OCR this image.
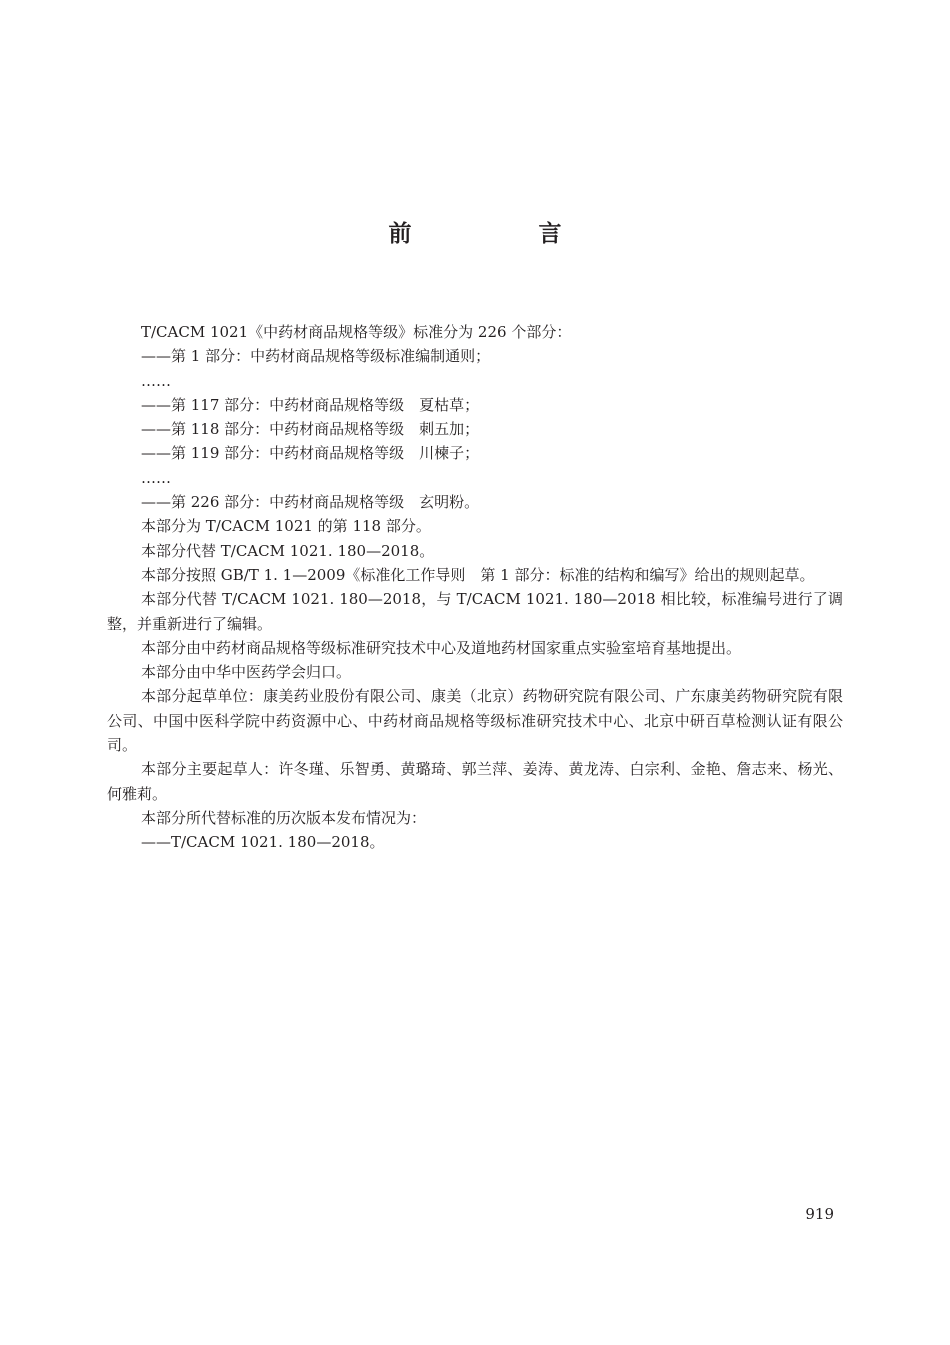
前　言
T/CACM 1021《中药材商品规格等级》标准分为 226 个部分：
——第 1 部分：中药材商品规格等级标准编制通则；
……
——第 117 部分：中药材商品规格等级　夏枯草；
——第 118 部分：中药材商品规格等级　刺五加；
——第 119 部分：中药材商品规格等级　川楝子；
……
——第 226 部分：中药材商品规格等级　玄明粉。
本部分为 T/CACM 1021 的第 118 部分。
本部分代替 T/CACM 1021. 180—2018。
本部分按照 GB/T 1. 1—2009《标准化工作导则　第 1 部分：标准的结构和编写》给出的规则起草。
本部分代替 T/CACM 1021. 180—2018，与 T/CACM 1021. 180—2018 相比较，标准编号进行了调整，并重新进行了编辑。
本部分由中药材商品规格等级标准研究技术中心及道地药材国家重点实验室培育基地提出。
本部分由中华中医药学会归口。
本部分起草单位：康美药业股份有限公司、康美（北京）药物研究院有限公司、广东康美药物研究院有限公司、中国中医科学院中药资源中心、中药材商品规格等级标准研究技术中心、北京中研百草检测认证有限公司。
本部分主要起草人：许冬瑾、乐智勇、黄璐琦、郭兰萍、姜涛、黄龙涛、白宗利、金艳、詹志来、杨光、何雅莉。
本部分所代替标准的历次版本发布情况为：
——T/CACM 1021. 180—2018。
919
